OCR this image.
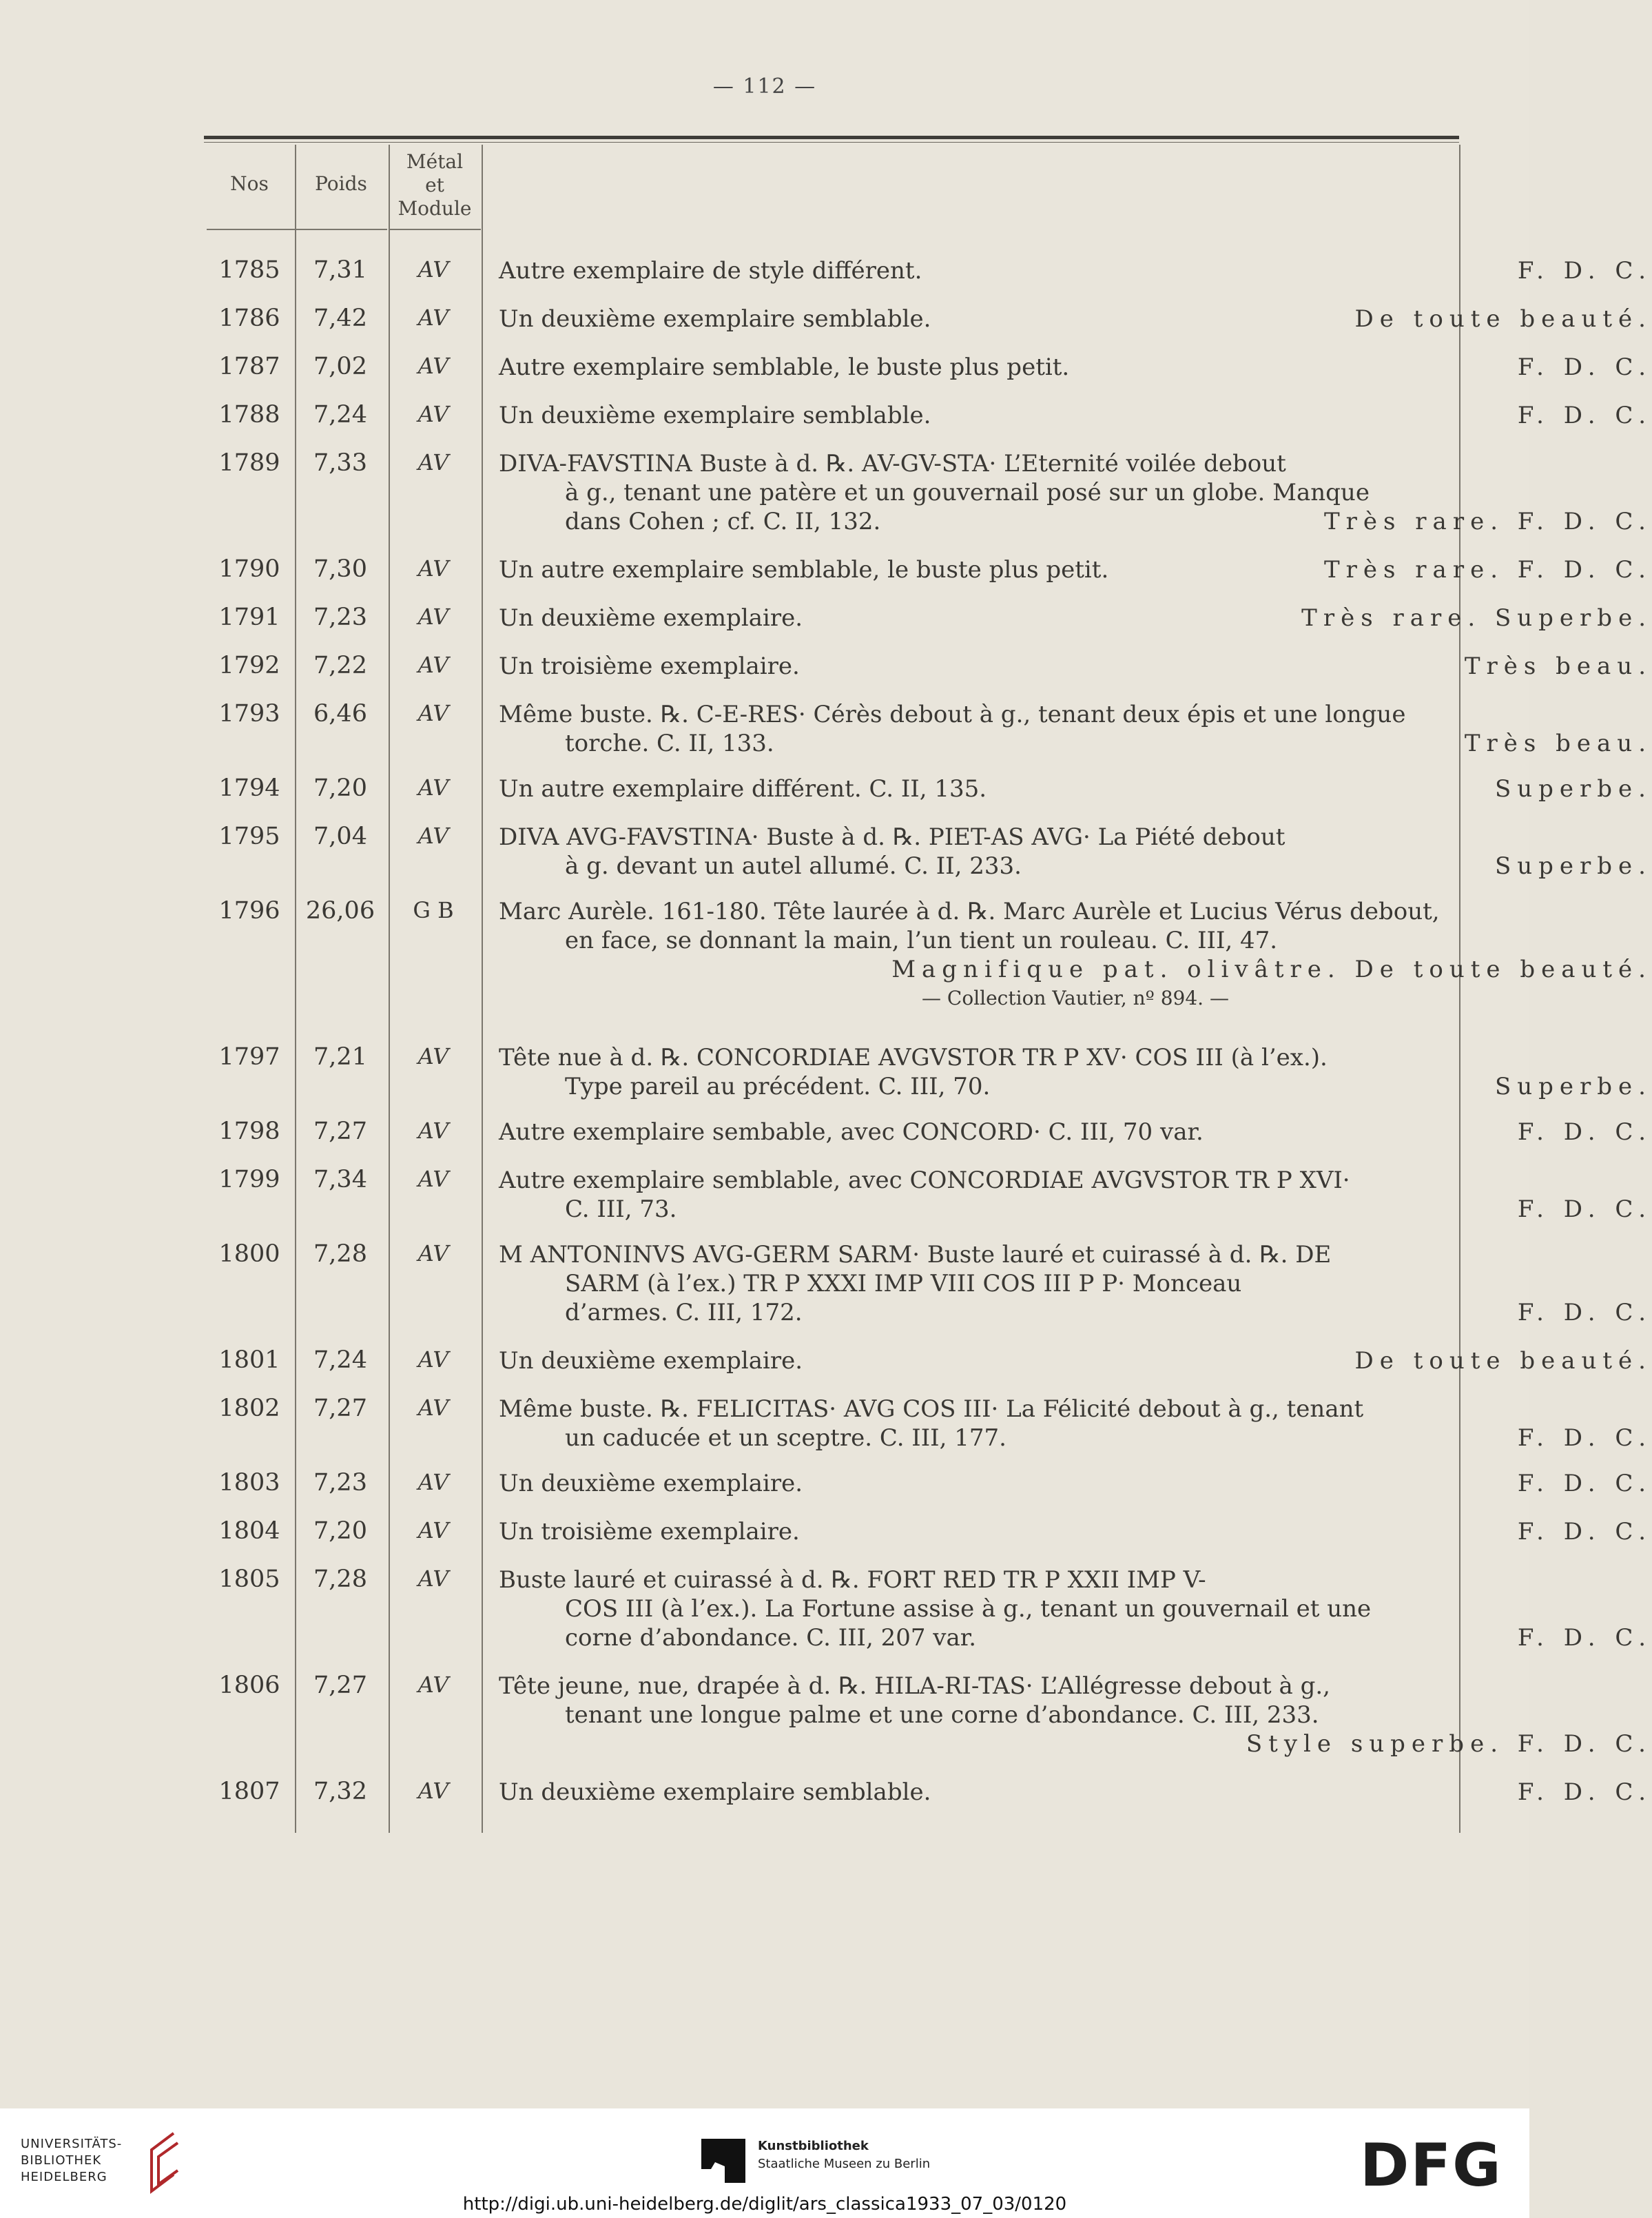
— 112 —
Nos	Poids
Métal
et
Module
1785	7,31	AV	Autre exemplaire de style différent.	F. D. C.
1786	7,42	AV	Un deuxième exemplaire semblable.	De toute beauté.
1787	7,02	AV	Autre exemplaire semblable, le buste plus petit.	F. D. C.
1788	7,24	AV	Un deuxième exemplaire semblable.	F. D. C.
1789	7,33	AV	DIVA-FAVSTINA Buste à d. ℞. AV-GV-STA· L’Eternité voilée debout
à g., tenant une patère et un gouvernail posé sur un globe. Manque
dans Cohen ; cf. C. II, 132.	Très rare. F. D. C.
1790	7,30	AV	Un autre exemplaire semblable, le buste plus petit.	Très rare. F. D. C.
1791	7,23	AV	Un deuxième exemplaire.	Très rare. Superbe.
1792	7,22	AV	Un troisième exemplaire.	Très beau.
1793	6,46	AV	Même buste. ℞. C-E-RES· Cérès debout à g., tenant deux épis et une longue
torche. C. II, 133.	Très beau.
1794	7,20	AV	Un autre exemplaire différent. C. II, 135.	Superbe.
1795	7,04	AV	DIVA AVG-FAVSTINA· Buste à d. ℞. PIET-AS AVG· La Piété debout
à g. devant un autel allumé. C. II, 233.	Superbe.
1796	26,06	G B	Marc Aurèle. 161-180. Tête laurée à d. ℞. Marc Aurèle et Lucius Vérus debout,
en face, se donnant la main, l’un tient un rouleau. C. III, 47.
Magnifique pat. olivâtre. De toute beauté.
— Collection Vautier, nº 894. —
1797	7,21	AV	Tête nue à d. ℞. CONCORDIAE AVGVSTOR TR P XV· COS III (à l’ex.).
Type pareil au précédent. C. III, 70.	Superbe.
1798	7,27	AV	Autre exemplaire sembable, avec CONCORD· C. III, 70 var.	F. D. C.
1799	7,34	AV	Autre exemplaire semblable, avec CONCORDIAE AVGVSTOR TR P XVI·
C. III, 73.	F. D. C.
1800	7,28	AV	M ANTONINVS AVG-GERM SARM· Buste lauré et cuirassé à d. ℞. DE
SARM (à l’ex.) TR P XXXI IMP VIII COS III P P· Monceau
d’armes. C. III, 172.	F. D. C.
1801	7,24	AV	Un deuxième exemplaire.	De toute beauté.
1802	7,27	AV	Même buste. ℞. FELICITAS· AVG COS III· La Félicité debout à g., tenant
un caducée et un sceptre. C. III, 177.	F. D. C.
1803	7,23	AV	Un deuxième exemplaire.	F. D. C.
1804	7,20	AV	Un troisième exemplaire.	F. D. C.
1805	7,28	AV	Buste lauré et cuirassé à d. ℞. FORT RED TR P XXII IMP V-
COS III (à l’ex.). La Fortune assise à g., tenant un gouvernail et une
corne d’abondance. C. III, 207 var.	F. D. C.
1806	7,27	AV	Tête jeune, nue, drapée à d. ℞. HILA-RI-TAS· L’Allégresse debout à g.,
tenant une longue palme et une corne d’abondance. C. III, 233.
Style superbe. F. D. C.
1807	7,32	AV	Un deuxième exemplaire semblable.	F. D. C.
UNIVERSITÄTS-
BIBLIOTHEK
HEIDELBERG
Kunstbibliothek
Staatliche Museen zu Berlin	DFG
http://digi.ub.uni-heidelberg.de/diglit/ars_classica1933_07_03/0120
